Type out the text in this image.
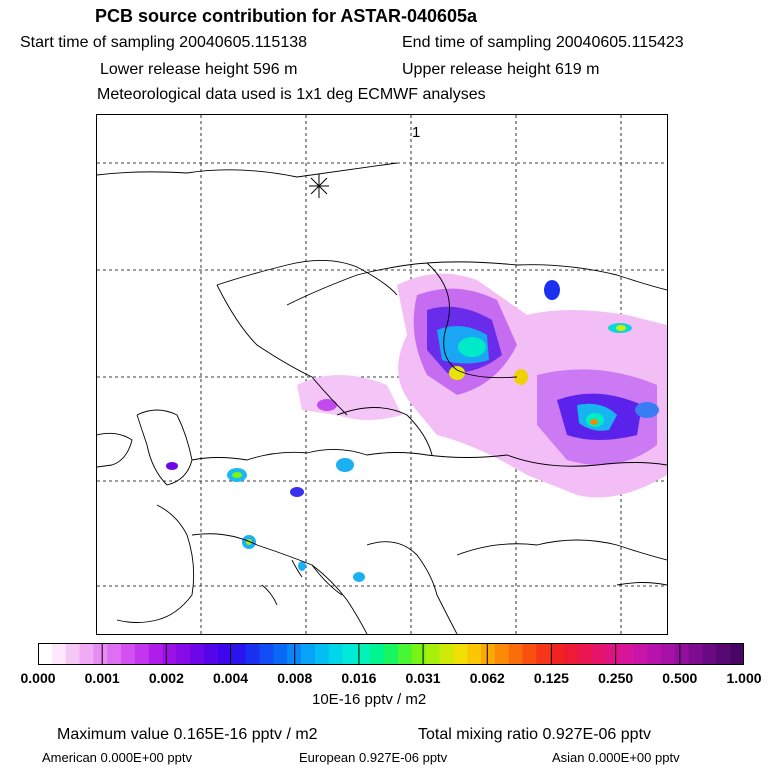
PCB source contribution for ASTAR-040605a
Start time of sampling 20040605.115138	End time of sampling 20040605.115423
Lower release height 596 m	Upper release height 619 m
Meteorological data used is 1x1 deg ECMWF analyses
1
0.000 0.001 0.002 0.004 0.008 0.016 0.031 0.062 0.125 0.250 0.500 1.000
10E-16 pptv / m2
Maximum value 0.165E-16 pptv / m2	Total mixing ratio 0.927E-06 pptv
American 0.000E+00 pptv	European 0.927E-06 pptv	Asian 0.000E+00 pptv
